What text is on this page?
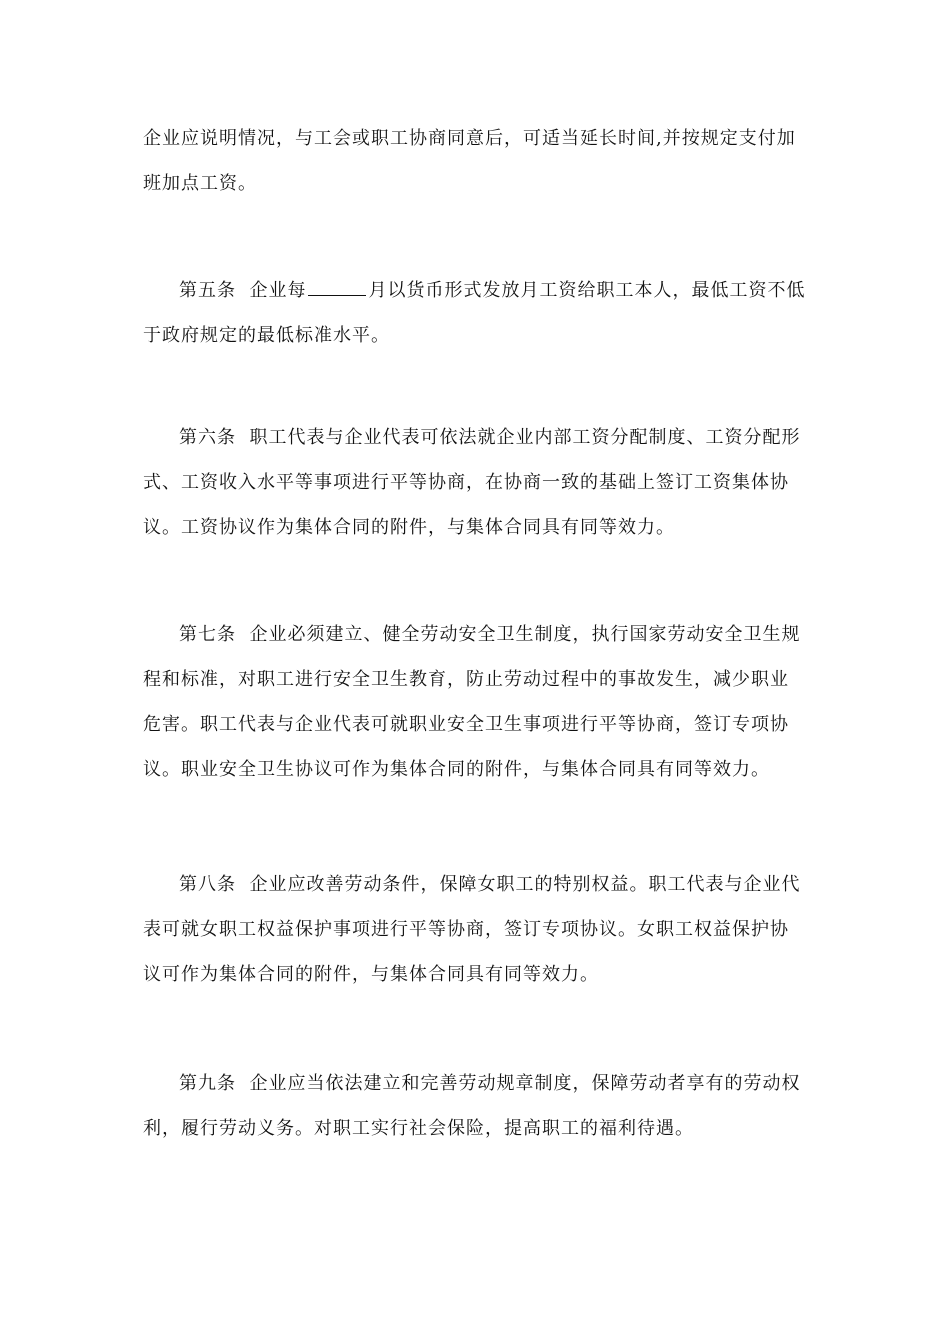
企业应说明情况，与工会或职工协商同意后，可适当延长时间,并按规定支付加
班加点工资。

第五条 企业每	月以货币形式发放月工资给职工本人，最低工资不低
于政府规定的最低标准水平。

第六条 职工代表与企业代表可依法就企业内部工资分配制度、工资分配形
式、工资收入水平等事项进行平等协商，在协商一致的基础上签订工资集体协
议。工资协议作为集体合同的附件，与集体合同具有同等效力。

第七条 企业必须建立、健全劳动安全卫生制度，执行国家劳动安全卫生规
程和标准，对职工进行安全卫生教育，防止劳动过程中的事故发生，减少职业
危害。职工代表与企业代表可就职业安全卫生事项进行平等协商，签订专项协
议。职业安全卫生协议可作为集体合同的附件，与集体合同具有同等效力。

第八条 企业应改善劳动条件，保障女职工的特别权益。职工代表与企业代
表可就女职工权益保护事项进行平等协商，签订专项协议。女职工权益保护协
议可作为集体合同的附件，与集体合同具有同等效力。

第九条 企业应当依法建立和完善劳动规章制度，保障劳动者享有的劳动权
利，履行劳动义务。对职工实行社会保险，提高职工的福利待遇。
